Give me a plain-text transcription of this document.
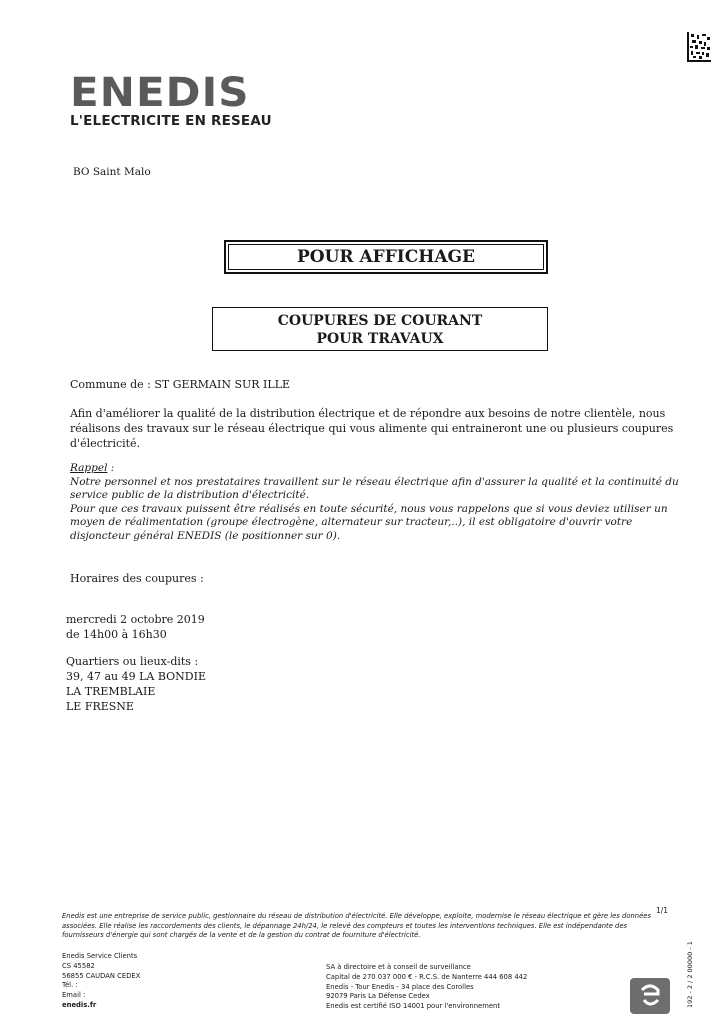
ENEDIS
L'ELECTRICITE EN RESEAU
BO Saint Malo
POUR AFFICHAGE
COUPURES DE COURANT
POUR TRAVAUX
Commune de : ST GERMAIN SUR ILLE
Afin d'améliorer la qualité de la distribution électrique et de répondre aux besoins de notre clientèle, nous réalisons des travaux sur le réseau électrique qui vous alimente qui entraineront une ou plusieurs coupures d'électricité.
Rappel :
Notre personnel et nos prestataires travaillent sur le réseau électrique afin d'assurer la qualité et la continuité du service public de la distribution d'électricité.
Pour que ces travaux puissent être réalisés en toute sécurité, nous vous rappelons que si vous deviez utiliser un moyen de réalimentation (groupe électrogène, alternateur sur tracteur,..), il est obligatoire d'ouvrir votre disjoncteur général ENEDIS (le positionner sur 0).
Horaires des coupures :
mercredi 2 octobre 2019
de 14h00 à 16h30
Quartiers ou lieux-dits :
39, 47 au 49 LA BONDIE
LA TREMBLAIE
LE FRESNE
1/1
Enedis est une entreprise de service public, gestionnaire du réseau de distribution d'électricité. Elle développe, exploite, modernise le réseau électrique et gère les données associées. Elle réalise les raccordements des clients, le dépannage 24h/24, le relevé des compteurs et toutes les interventions techniques. Elle est indépendante des fournisseurs d'énergie qui sont chargés de la vente et de la gestion du contrat de fourniture d'électricité.
Enedis Service Clients
CS 45582
56855 CAUDAN CEDEX
Tél. :
Email :
enedis.fr
SA à directoire et à conseil de surveillance
Capital de 270 037 000 € - R.C.S. de Nanterre 444 608 442
Enedis - Tour Enedis - 34 place des Corolles
92079 Paris La Défense Cedex
Enedis est certifié ISO 14001 pour l'environnement	192 - 2 / 2 00000 - 1
